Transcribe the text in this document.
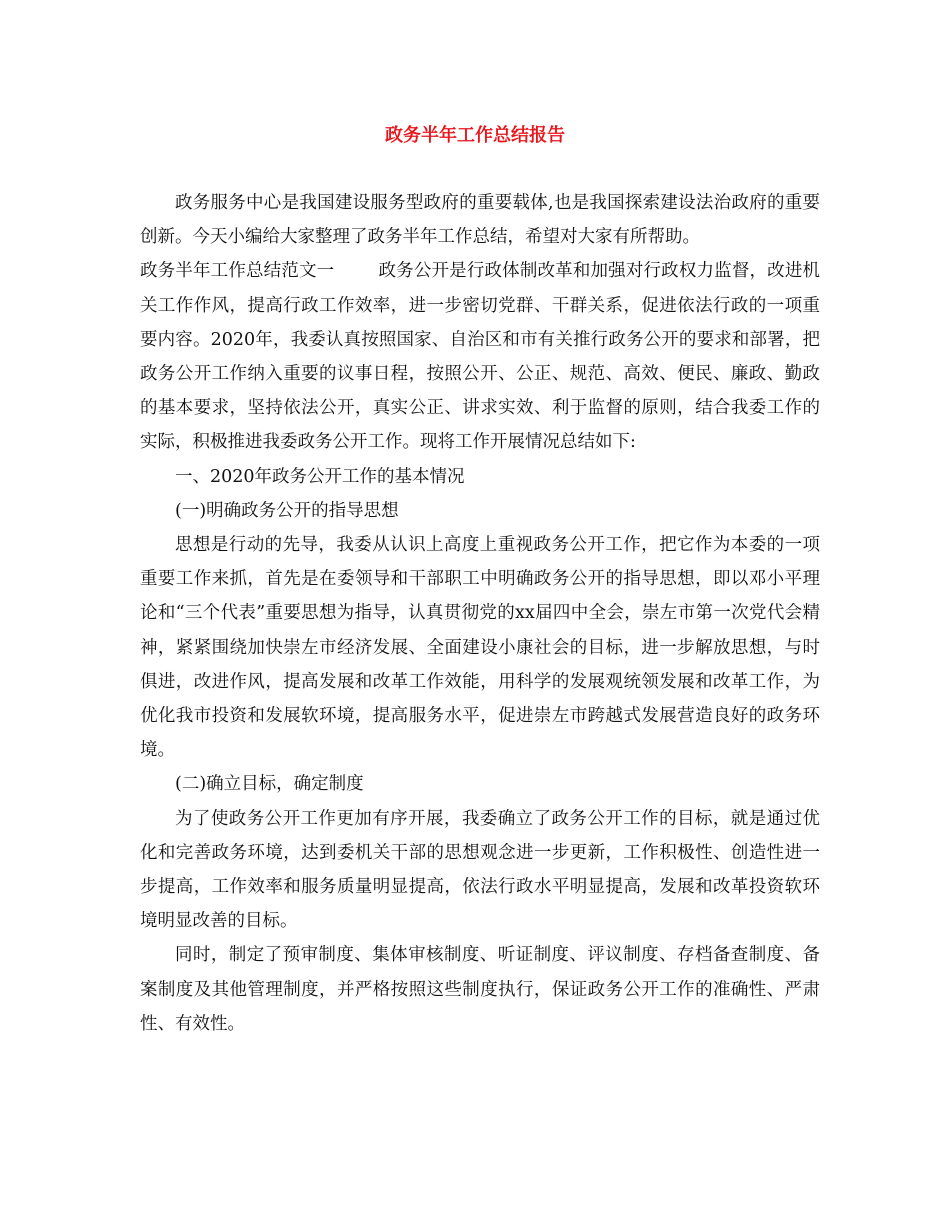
政务半年工作总结报告

政务服务中心是我国建设服务型政府的重要载体,也是我国探索建设法治政府的重要创新。今天小编给大家整理了政务半年工作总结，希望对大家有所帮助。

政务半年工作总结范文一	政务公开是行政体制改革和加强对行政权力监督，改进机关工作作风，提高行政工作效率，进一步密切党群、干群关系，促进依法行政的一项重要内容。2020年，我委认真按照国家、自治区和市有关推行政务公开的要求和部署，把政务公开工作纳入重要的议事日程，按照公开、公正、规范、高效、便民、廉政、勤政的基本要求，坚持依法公开，真实公正、讲求实效、利于监督的原则，结合我委工作的实际，积极推进我委政务公开工作。现将工作开展情况总结如下:

一、2020年政务公开工作的基本情况

(一)明确政务公开的指导思想

思想是行动的先导，我委从认识上高度上重视政务公开工作，把它作为本委的一项重要工作来抓，首先是在委领导和干部职工中明确政务公开的指导思想，即以邓小平理论和“三个代表”重要思想为指导，认真贯彻党的xx届四中全会，崇左市第一次党代会精神，紧紧围绕加快崇左市经济发展、全面建设小康社会的目标，进一步解放思想，与时俱进，改进作风，提高发展和改革工作效能，用科学的发展观统领发展和改革工作，为优化我市投资和发展软环境，提高服务水平，促进崇左市跨越式发展营造良好的政务环境。

(二)确立目标，确定制度

为了使政务公开工作更加有序开展，我委确立了政务公开工作的目标，就是通过优化和完善政务环境，达到委机关干部的思想观念进一步更新，工作积极性、创造性进一步提高，工作效率和服务质量明显提高，依法行政水平明显提高，发展和改革投资软环境明显改善的目标。

同时，制定了预审制度、集体审核制度、听证制度、评议制度、存档备查制度、备案制度及其他管理制度，并严格按照这些制度执行，保证政务公开工作的准确性、严肃性、有效性。
